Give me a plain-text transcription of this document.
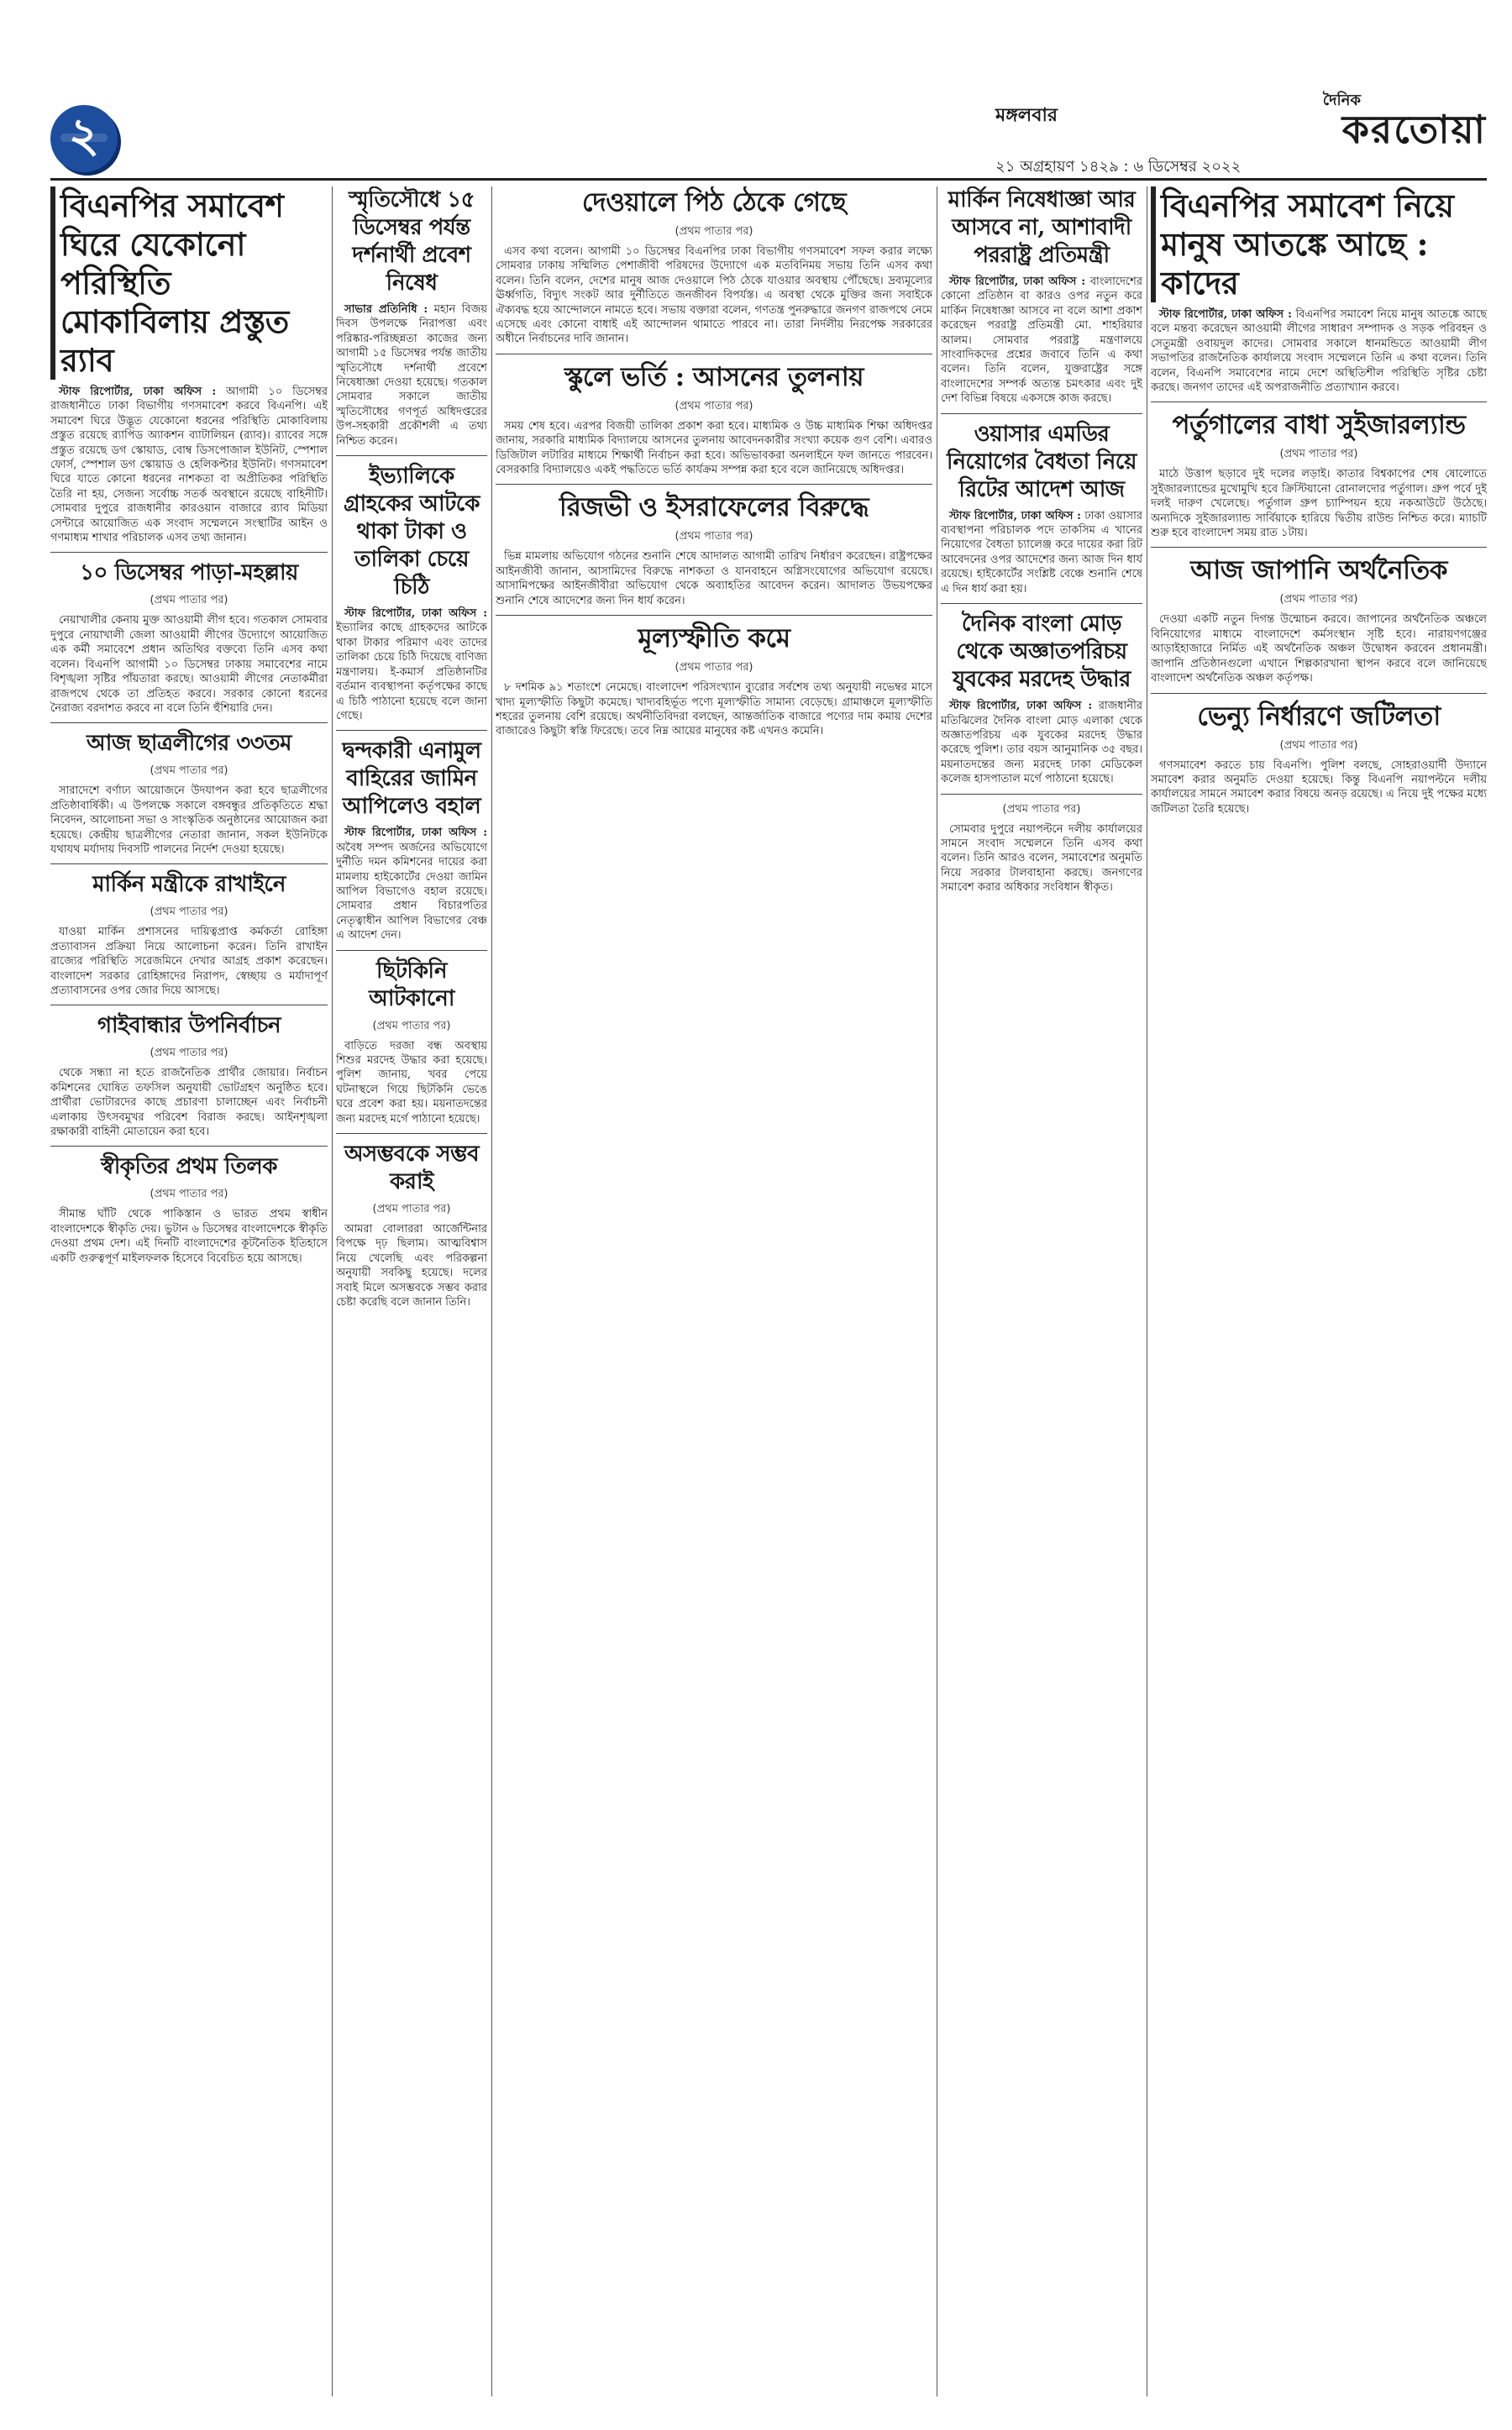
২	মঙ্গলবার
২১ অগ্রহায়ণ ১৪২৯ : ৬ ডিসেম্বর ২০২২
দৈনিক
করতোয়া
বিএনপির সমাবেশ ঘিরে যেকোনো পরিস্থিতি মোকাবিলায় প্রস্তুত র‌্যাব

স্টাফ রিপোর্টার, ঢাকা অফিস : আগামী ১০ ডিসেম্বর রাজধানীতে ঢাকা বিভাগীয় গণসমাবেশ করবে বিএনপি। এই সমাবেশ ঘিরে উদ্ভূত যেকোনো ধরনের পরিস্থিতি মোকাবিলায় প্রস্তুত রয়েছে র‌্যাপিড অ্যাকশন ব্যাটালিয়ন (র‌্যাব)। র‌্যাবের সঙ্গে প্রস্তুত রয়েছে ডগ স্কোয়াড, বোম্ব ডিসপোজাল ইউনিট, স্পেশাল ফোর্স, স্পেশাল ডগ স্কোয়াড ও হেলিকপ্টার ইউনিট। গণসমাবেশ ঘিরে যাতে কোনো ধরনের নাশকতা বা অপ্রীতিকর পরিস্থিতি তৈরি না হয়, সেজন্য সর্বোচ্চ সতর্ক অবস্থানে রয়েছে বাহিনীটি। সোমবার দুপুরে রাজধানীর কারওয়ান বাজারে র‌্যাব মিডিয়া সেন্টারে আয়োজিত এক সংবাদ সম্মেলনে সংস্থাটির আইন ও গণমাধ্যম শাখার পরিচালক এসব তথ্য জানান।

১০ ডিসেম্বর পাড়া-মহল্লায়

(প্রথম পাতার পর)

নেয়াখালীর কেনায় মুক্ত আওয়ামী লীগ হবে। গতকাল সোমবার দুপুরে নোয়াখালী জেলা আওয়ামী লীগের উদ্যোগে আয়োজিত এক কর্মী সমাবেশে প্রধান অতিথির বক্তব্যে তিনি এসব কথা বলেন। বিএনপি আগামী ১০ ডিসেম্বর ঢাকায় সমাবেশের নামে বিশৃঙ্খলা সৃষ্টির পাঁয়তারা করছে। আওয়ামী লীগের নেতাকর্মীরা রাজপথে থেকে তা প্রতিহত করবে। সরকার কোনো ধরনের নৈরাজ্য বরদাশত করবে না বলে তিনি হুঁশিয়ারি দেন।

আজ ছাত্রলীগের ৩৩তম

(প্রথম পাতার পর)

সারাদেশে বর্ণাঢ্য আয়োজনে উদযাপন করা হবে ছাত্রলীগের প্রতিষ্ঠাবার্ষিকী। এ উপলক্ষে সকালে বঙ্গবন্ধুর প্রতিকৃতিতে শ্রদ্ধা নিবেদন, আলোচনা সভা ও সাংস্কৃতিক অনুষ্ঠানের আয়োজন করা হয়েছে। কেন্দ্রীয় ছাত্রলীগের নেতারা জানান, সকল ইউনিটকে যথাযথ মর্যাদায় দিবসটি পালনের নির্দেশ দেওয়া হয়েছে।

মার্কিন মন্ত্রীকে রাখাইনে

(প্রথম পাতার পর)

যাওয়া মার্কিন প্রশাসনের দায়িত্বপ্রাপ্ত কর্মকর্তা রোহিঙ্গা প্রত্যাবাসন প্রক্রিয়া নিয়ে আলোচনা করেন। তিনি রাখাইন রাজ্যের পরিস্থিতি সরেজমিনে দেখার আগ্রহ প্রকাশ করেছেন। বাংলাদেশ সরকার রোহিঙ্গাদের নিরাপদ, স্বেচ্ছায় ও মর্যাদাপূর্ণ প্রত্যাবাসনের ওপর জোর দিয়ে আসছে।

গাইবান্ধার উপনির্বাচন

(প্রথম পাতার পর)

থেকে সন্ধ্যা না হতে রাজনৈতিক প্রার্থীর জোয়ার। নির্বাচন কমিশনের ঘোষিত তফসিল অনুযায়ী ভোটগ্রহণ অনুষ্ঠিত হবে। প্রার্থীরা ভোটারদের কাছে প্রচারণা চালাচ্ছেন এবং নির্বাচনী এলাকায় উৎসবমুখর পরিবেশ বিরাজ করছে। আইনশৃঙ্খলা রক্ষাকারী বাহিনী মোতায়েন করা হবে।

স্বীকৃতির প্রথম তিলক

(প্রথম পাতার পর)

সীমান্ত ঘাঁটি থেকে পাকিস্তান ও ভারত প্রথম স্বাধীন বাংলাদেশকে স্বীকৃতি দেয়। ভুটান ৬ ডিসেম্বর বাংলাদেশকে স্বীকৃতি দেওয়া প্রথম দেশ। এই দিনটি বাংলাদেশের কূটনৈতিক ইতিহাসে একটি গুরুত্বপূর্ণ মাইলফলক হিসেবে বিবেচিত হয়ে আসছে।

স্মৃতিসৌধে ১৫ ডিসেম্বর পর্যন্ত দর্শনার্থী প্রবেশ নিষেধ

সাভার প্রতিনিধি : মহান বিজয় দিবস উপলক্ষে নিরাপত্তা এবং পরিষ্কার-পরিচ্ছন্নতা কাজের জন্য আগামী ১৫ ডিসেম্বর পর্যন্ত জাতীয় স্মৃতিসৌধে দর্শনার্থী প্রবেশে নিষেধাজ্ঞা দেওয়া হয়েছে। গতকাল সোমবার সকালে জাতীয় স্মৃতিসৌধের গণপূর্ত অধিদপ্তরের উপ-সহকারী প্রকৌশলী এ তথ্য নিশ্চিত করেন।

ইভ্যালিকে গ্রাহকের আটকে থাকা টাকা ও তালিকা চেয়ে চিঠি

স্টাফ রিপোর্টার, ঢাকা অফিস : ইভ্যালির কাছে গ্রাহকদের আটকে থাকা টাকার পরিমাণ এবং তাদের তালিকা চেয়ে চিঠি দিয়েছে বাণিজ্য মন্ত্রণালয়। ই-কমার্স প্রতিষ্ঠানটির বর্তমান ব্যবস্থাপনা কর্তৃপক্ষের কাছে এ চিঠি পাঠানো হয়েছে বলে জানা গেছে।

দ্বন্দকারী এনামুল বাহিরের জামিন আপিলেও বহাল

স্টাফ রিপোর্টার, ঢাকা অফিস : অবৈধ সম্পদ অর্জনের অভিযোগে দুর্নীতি দমন কমিশনের দায়ের করা মামলায় হাইকোর্টের দেওয়া জামিন আপিল বিভাগেও বহাল রয়েছে। সোমবার প্রধান বিচারপতির নেতৃত্বাধীন আপিল বিভাগের বেঞ্চ এ আদেশ দেন।

ছিটকিনি আটকানো

(প্রথম পাতার পর)

বাড়িতে দরজা বন্ধ অবস্থায় শিশুর মরদেহ উদ্ধার করা হয়েছে। পুলিশ জানায়, খবর পেয়ে ঘটনাস্থলে গিয়ে ছিটকিনি ভেঙে ঘরে প্রবেশ করা হয়। ময়নাতদন্তের জন্য মরদেহ মর্গে পাঠানো হয়েছে।

অসম্ভবকে সম্ভব করাই

(প্রথম পাতার পর)

আমরা বোলাররা আর্জেন্টিনার বিপক্ষে দৃঢ় ছিলাম। আত্মবিশ্বাস নিয়ে খেলেছি এবং পরিকল্পনা অনুযায়ী সবকিছু হয়েছে। দলের সবাই মিলে অসম্ভবকে সম্ভব করার চেষ্টা করেছি বলে জানান তিনি।

দেওয়ালে পিঠ ঠেকে গেছে

(প্রথম পাতার পর)

এসব কথা বলেন। আগামী ১০ ডিসেম্বর বিএনপির ঢাকা বিভাগীয় গণসমাবেশ সফল করার লক্ষ্যে সোমবার ঢাকায় সম্মিলিত পেশাজীবী পরিষদের উদ্যোগে এক মতবিনিময় সভায় তিনি এসব কথা বলেন। তিনি বলেন, দেশের মানুষ আজ দেওয়ালে পিঠ ঠেকে যাওয়ার অবস্থায় পৌঁছেছে। দ্রব্যমূল্যের ঊর্ধ্বগতি, বিদ্যুৎ সংকট আর দুর্নীতিতে জনজীবন বিপর্যস্ত। এ অবস্থা থেকে মুক্তির জন্য সবাইকে ঐক্যবদ্ধ হয়ে আন্দোলনে নামতে হবে। সভায় বক্তারা বলেন, গণতন্ত্র পুনরুদ্ধারে জনগণ রাজপথে নেমে এসেছে এবং কোনো বাধাই এই আন্দোলন থামাতে পারবে না। তারা নির্দলীয় নিরপেক্ষ সরকারের অধীনে নির্বাচনের দাবি জানান।

স্কুলে ভর্তি : আসনের তুলনায়

(প্রথম পাতার পর)

সময় শেষ হবে। এরপর বিজয়ী তালিকা প্রকাশ করা হবে। মাধ্যমিক ও উচ্চ মাধ্যমিক শিক্ষা অধিদপ্তর জানায়, সরকারি মাধ্যমিক বিদ্যালয়ে আসনের তুলনায় আবেদনকারীর সংখ্যা কয়েক গুণ বেশি। এবারও ডিজিটাল লটারির মাধ্যমে শিক্ষার্থী নির্বাচন করা হবে। অভিভাবকরা অনলাইনে ফল জানতে পারবেন। বেসরকারি বিদ্যালয়েও একই পদ্ধতিতে ভর্তি কার্যক্রম সম্পন্ন করা হবে বলে জানিয়েছে অধিদপ্তর।

রিজভী ও ইসরাফেলের বিরুদ্ধে

(প্রথম পাতার পর)

ভিন্ন মামলায় অভিযোগ গঠনের শুনানি শেষে আদালত আগামী তারিখ নির্ধারণ করেছেন। রাষ্ট্রপক্ষের আইনজীবী জানান, আসামিদের বিরুদ্ধে নাশকতা ও যানবাহনে অগ্নিসংযোগের অভিযোগ রয়েছে। আসামিপক্ষের আইনজীবীরা অভিযোগ থেকে অব্যাহতির আবেদন করেন। আদালত উভয়পক্ষের শুনানি শেষে আদেশের জন্য দিন ধার্য করেন।

মূল্যস্ফীতি কমে

(প্রথম পাতার পর)

৮ দশমিক ৯১ শতাংশে নেমেছে। বাংলাদেশ পরিসংখ্যান ব্যুরোর সর্বশেষ তথ্য অনুযায়ী নভেম্বর মাসে খাদ্য মূল্যস্ফীতি কিছুটা কমেছে। খাদ্যবহির্ভূত পণ্যে মূল্যস্ফীতি সামান্য বেড়েছে। গ্রামাঞ্চলে মূল্যস্ফীতি শহরের তুলনায় বেশি রয়েছে। অর্থনীতিবিদরা বলছেন, আন্তর্জাতিক বাজারে পণ্যের দাম কমায় দেশের বাজারেও কিছুটা স্বস্তি ফিরেছে। তবে নিম্ন আয়ের মানুষের কষ্ট এখনও কমেনি।

মার্কিন নিষেধাজ্ঞা আর আসবে না, আশাবাদী পররাষ্ট্র প্রতিমন্ত্রী

স্টাফ রিপোর্টার, ঢাকা অফিস : বাংলাদেশের কোনো প্রতিষ্ঠান বা কারও ওপর নতুন করে মার্কিন নিষেধাজ্ঞা আসবে না বলে আশা প্রকাশ করেছেন পররাষ্ট্র প্রতিমন্ত্রী মো. শাহরিয়ার আলম। সোমবার পররাষ্ট্র মন্ত্রণালয়ে সাংবাদিকদের প্রশ্নের জবাবে তিনি এ কথা বলেন। তিনি বলেন, যুক্তরাষ্ট্রের সঙ্গে বাংলাদেশের সম্পর্ক অত্যন্ত চমৎকার এবং দুই দেশ বিভিন্ন বিষয়ে একসঙ্গে কাজ করছে।

ওয়াসার এমডির নিয়োগের বৈধতা নিয়ে রিটের আদেশ আজ

স্টাফ রিপোর্টার, ঢাকা অফিস : ঢাকা ওয়াসার ব্যবস্থাপনা পরিচালক পদে তাকসিম এ খানের নিয়োগের বৈধতা চ্যালেঞ্জ করে দায়ের করা রিট আবেদনের ওপর আদেশের জন্য আজ দিন ধার্য রয়েছে। হাইকোর্টের সংশ্লিষ্ট বেঞ্চে শুনানি শেষে এ দিন ধার্য করা হয়।

দৈনিক বাংলা মোড় থেকে অজ্ঞাতপরিচয় যুবকের মরদেহ উদ্ধার

স্টাফ রিপোর্টার, ঢাকা অফিস : রাজধানীর মতিঝিলের দৈনিক বাংলা মোড় এলাকা থেকে অজ্ঞাতপরিচয় এক যুবকের মরদেহ উদ্ধার করেছে পুলিশ। তার বয়স আনুমানিক ৩৫ বছর। ময়নাতদন্তের জন্য মরদেহ ঢাকা মেডিকেল কলেজ হাসপাতাল মর্গে পাঠানো হয়েছে।

(প্রথম পাতার পর)

সোমবার দুপুরে নয়াপল্টনে দলীয় কার্যালয়ের সামনে সংবাদ সম্মেলনে তিনি এসব কথা বলেন। তিনি আরও বলেন, সমাবেশের অনুমতি নিয়ে সরকার টালবাহানা করছে। জনগণের সমাবেশ করার অধিকার সংবিধান স্বীকৃত।

বিএনপির সমাবেশ নিয়ে মানুষ আতঙ্কে আছে : কাদের

স্টাফ রিপোর্টার, ঢাকা অফিস : বিএনপির সমাবেশ নিয়ে মানুষ আতঙ্কে আছে বলে মন্তব্য করেছেন আওয়ামী লীগের সাধারণ সম্পাদক ও সড়ক পরিবহন ও সেতুমন্ত্রী ওবায়দুল কাদের। সোমবার সকালে ধানমন্ডিতে আওয়ামী লীগ সভাপতির রাজনৈতিক কার্যালয়ে সংবাদ সম্মেলনে তিনি এ কথা বলেন। তিনি বলেন, বিএনপি সমাবেশের নামে দেশে অস্থিতিশীল পরিস্থিতি সৃষ্টির চেষ্টা করছে। জনগণ তাদের এই অপরাজনীতি প্রত্যাখ্যান করবে।

পর্তুগালের বাধা সুইজারল্যান্ড

(প্রথম পাতার পর)

মাঠে উত্তাপ ছড়াবে দুই দলের লড়াই। কাতার বিশ্বকাপের শেষ ষোলোতে সুইজারল্যান্ডের মুখোমুখি হবে ক্রিস্টিয়ানো রোনালদোর পর্তুগাল। গ্রুপ পর্বে দুই দলই দারুণ খেলেছে। পর্তুগাল গ্রুপ চ্যাম্পিয়ন হয়ে নকআউটে উঠেছে। অন্যদিকে সুইজারল্যান্ড সার্বিয়াকে হারিয়ে দ্বিতীয় রাউন্ড নিশ্চিত করে। ম্যাচটি শুরু হবে বাংলাদেশ সময় রাত ১টায়।

আজ জাপানি অর্থনৈতিক

(প্রথম পাতার পর)

দেওয়া একটি নতুন দিগন্ত উন্মোচন করবে। জাপানের অর্থনৈতিক অঞ্চলে বিনিয়োগের মাধ্যমে বাংলাদেশে কর্মসংস্থান সৃষ্টি হবে। নারায়ণগঞ্জের আড়াইহাজারে নির্মিত এই অর্থনৈতিক অঞ্চল উদ্বোধন করবেন প্রধানমন্ত্রী। জাপানি প্রতিষ্ঠানগুলো এখানে শিল্পকারখানা স্থাপন করবে বলে জানিয়েছে বাংলাদেশ অর্থনৈতিক অঞ্চল কর্তৃপক্ষ।

ভেন্যু নির্ধারণে জটিলতা

(প্রথম পাতার পর)

গণসমাবেশ করতে চায় বিএনপি। পুলিশ বলছে, সোহরাওয়ার্দী উদ্যানে সমাবেশ করার অনুমতি দেওয়া হয়েছে। কিন্তু বিএনপি নয়াপল্টনে দলীয় কার্যালয়ের সামনে সমাবেশ করার বিষয়ে অনড় রয়েছে। এ নিয়ে দুই পক্ষের মধ্যে জটিলতা তৈরি হয়েছে।
